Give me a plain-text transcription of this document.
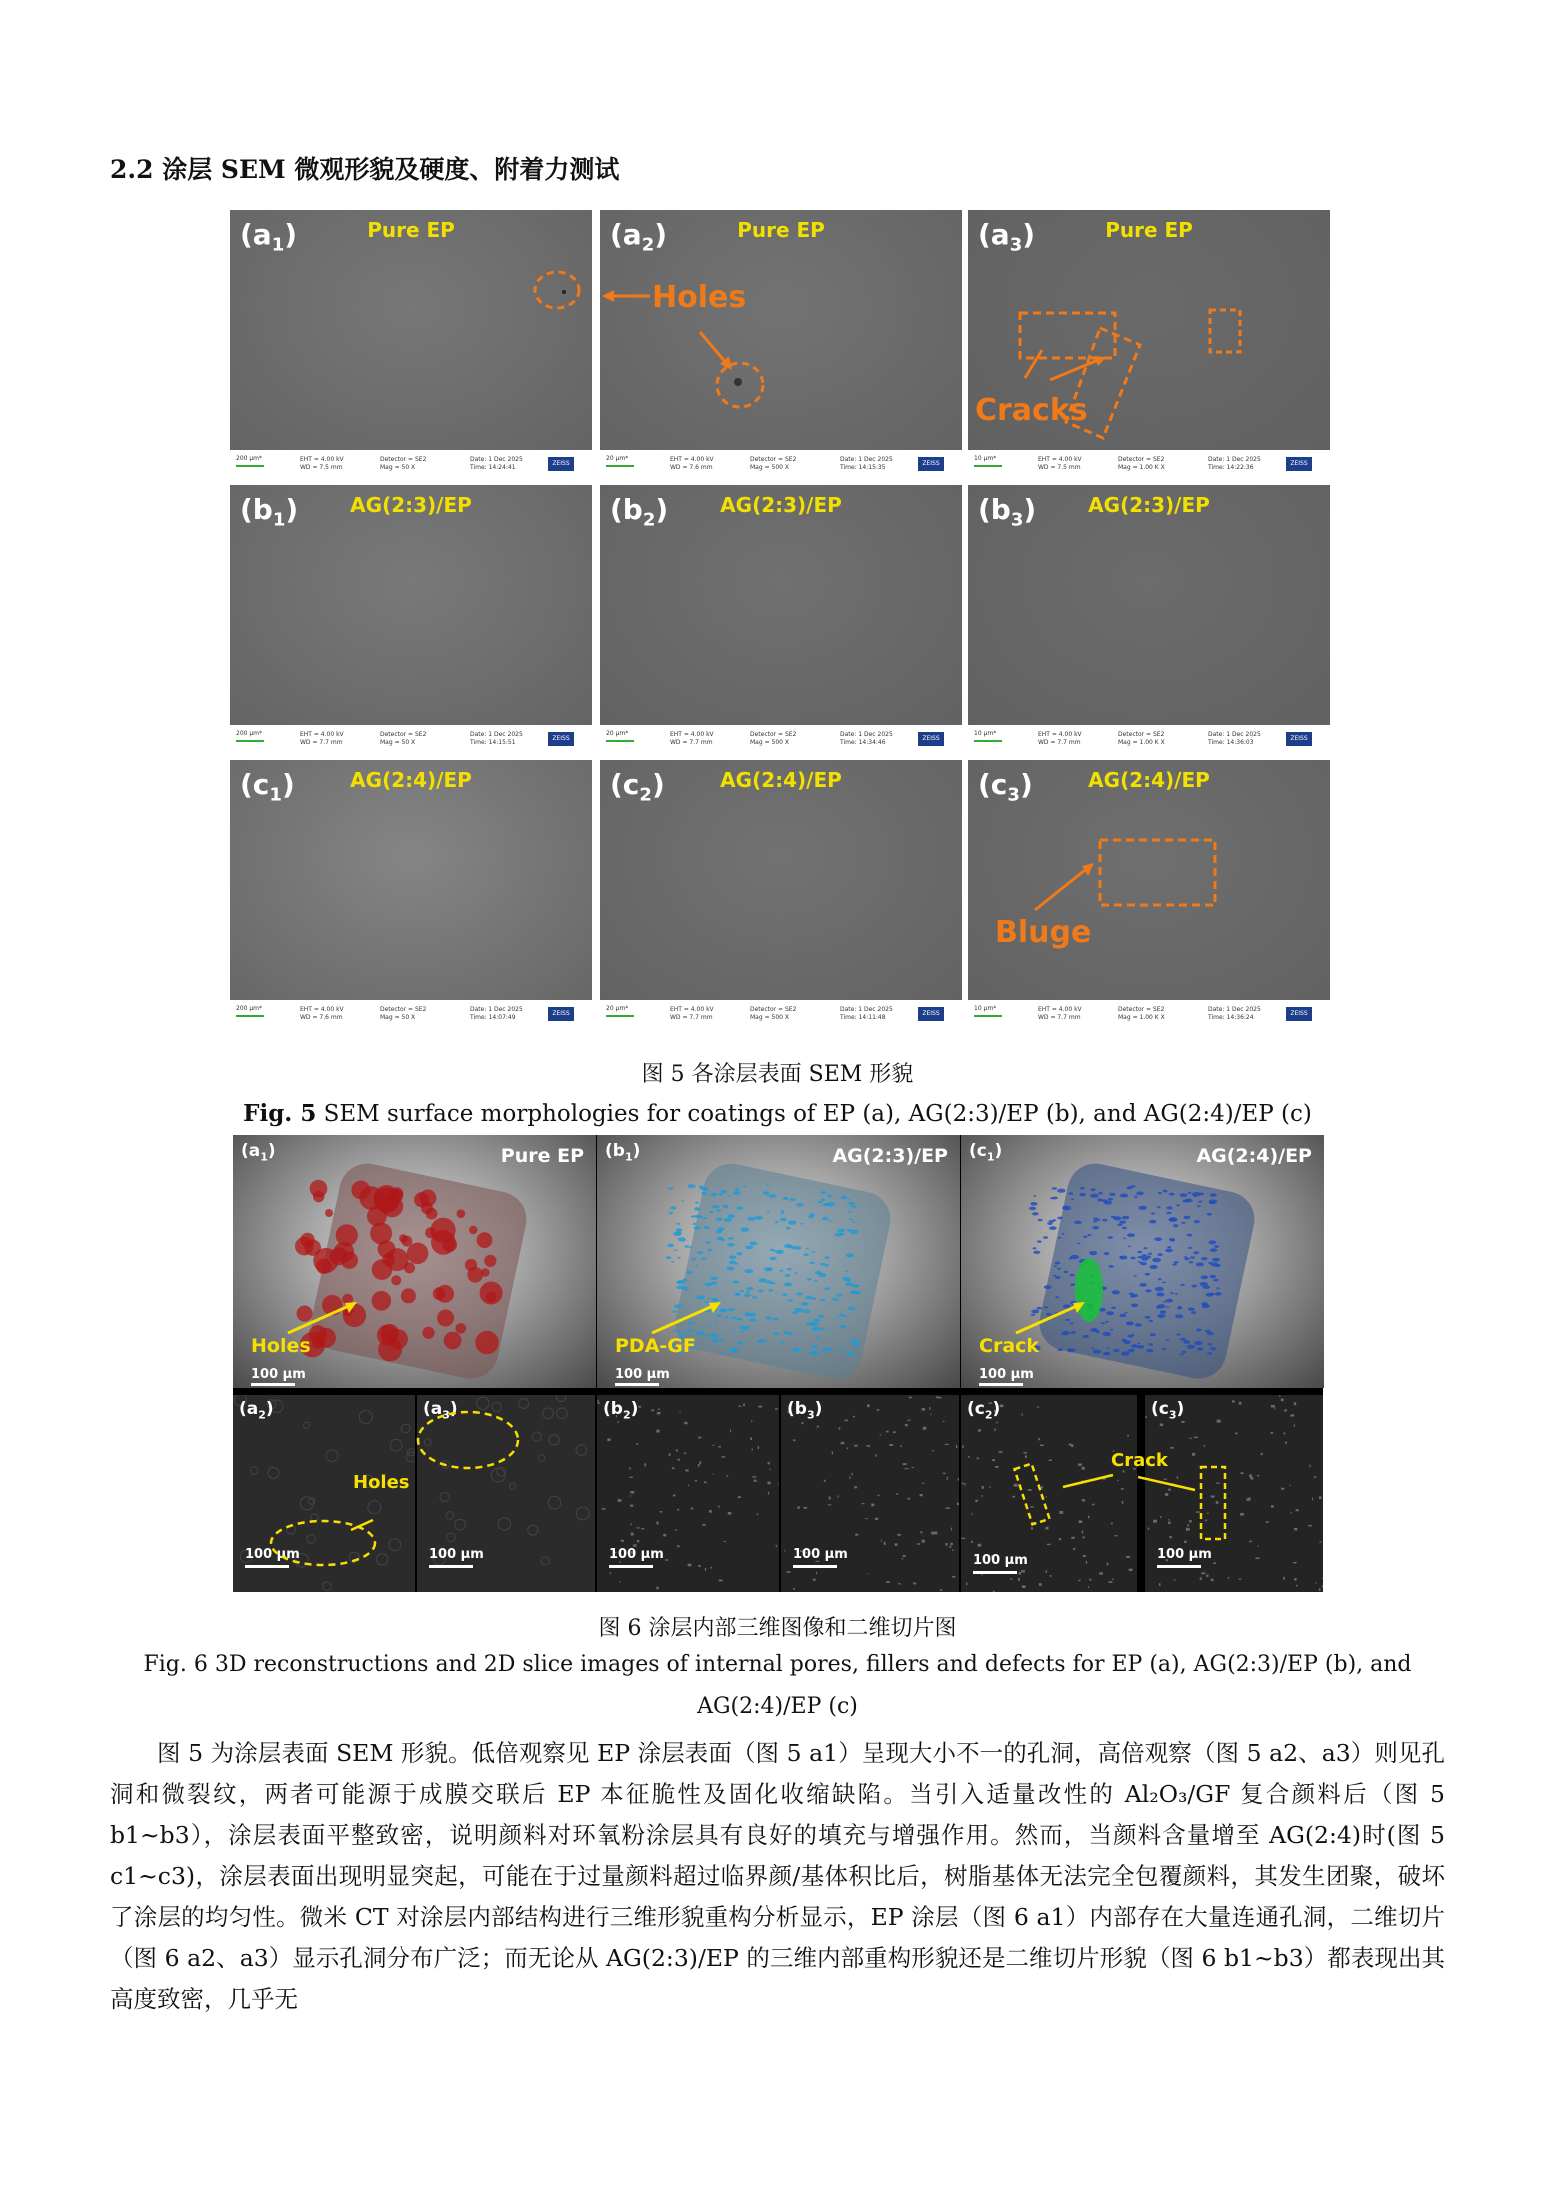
2.2 涂层 SEM 微观形貌及硬度、附着力测试
$(a_1)$	Pure EP
200 μm*	EHT = 4.00 kV
WD = 7.5 mm
Detector = SE2
Mag = 50 X
Date: 1 Dec 2025
Time: 14:24:41
ZEISS
$(a_2)$	Pure EP
20 μm*	EHT = 4.00 kV
WD = 7.6 mm
Detector = SE2
Mag = 500 X
Date: 1 Dec 2025
Time: 14:15:35
ZEISS
$(a_3)$	Pure EP
10 μm*	EHT = 4.00 kV
WD = 7.5 mm
Detector = SE2
Mag = 1.00 K X
Date: 1 Dec 2025
Time: 14:22:36
ZEISS
$(b_1)$	AG(2:3)/EP
200 μm*	EHT = 4.00 kV
WD = 7.7 mm
Detector = SE2
Mag = 50 X
Date: 1 Dec 2025
Time: 14:15:51
ZEISS
$(b_2)$	AG(2:3)/EP
20 μm*	EHT = 4.00 kV
WD = 7.7 mm
Detector = SE2
Mag = 500 X
Date: 1 Dec 2025
Time: 14:34:46
ZEISS
$(b_3)$	AG(2:3)/EP
10 μm*	EHT = 4.00 kV
WD = 7.7 mm
Detector = SE2
Mag = 1.00 K X
Date: 1 Dec 2025
Time: 14:36:03
ZEISS
$(c_1)$	AG(2:4)/EP
200 μm*	EHT = 4.00 kV
WD = 7.6 mm
Detector = SE2
Mag = 50 X
Date: 1 Dec 2025
Time: 14:07:49
ZEISS
$(c_2)$	AG(2:4)/EP
20 μm*	EHT = 4.00 kV
WD = 7.7 mm
Detector = SE2
Mag = 500 X
Date: 1 Dec 2025
Time: 14:11:48
ZEISS
$(c_3)$	AG(2:4)/EP
10 μm*	EHT = 4.00 kV
WD = 7.7 mm
Detector = SE2
Mag = 1.00 K X
Date: 1 Dec 2025
Time: 14:36:24
ZEISS
Holes
Cracks
Bluge
图 5 各涂层表面 SEM 形貌
Fig. 5 SEM surface morphologies for coatings of EP (a), AG(2:3)/EP (b), and AG(2:4)/EP (c)
$(a_1)$	Pure EP
Holes
100 μm
$(b_1)$	AG(2:3)/EP
PDA-GF
100 μm
$(c_1)$	AG(2:4)/EP
Crack
100 μm
$(a_2)$
100 μm
$(a_3)$
100 μm
$(b_2)$
100 μm
$(b_3)$
100 μm
$(c_2)$
100 μm
$(c_3)$
100 μm
Holes
Crack
图 6 涂层内部三维图像和二维切片图
Fig. 6 3D reconstructions and 2D slice images of internal pores, fillers and defects for EP (a), AG(2:3)/EP (b), and
AG(2:4)/EP (c)

图 5 为涂层表面 SEM 形貌。低倍观察见 EP 涂层表面（图 5 a1）呈现大小不一的孔洞，高倍观察（图 5 a2、a3）则见孔洞和微裂纹，两者可能源于成膜交联后 EP 本征脆性及固化收缩缺陷。当引入适量改性的 Al₂O₃/GF 复合颜料后（图 5 b1~b3），涂层表面平整致密，说明颜料对环氧粉涂层具有良好的填充与增强作用。然而，当颜料含量增至 AG(2:4)时(图 5 c1~c3)，涂层表面出现明显突起，可能在于过量颜料超过临界颜/基体积比后，树脂基体无法完全包覆颜料，其发生团聚，破坏了涂层的均匀性。微米 CT 对涂层内部结构进行三维形貌重构分析显示，EP 涂层（图 6 a1）内部存在大量连通孔洞，二维切片（图 6 a2、a3）显示孔洞分布广泛；而无论从 AG(2:3)/EP 的三维内部重构形貌还是二维切片形貌（图 6 b1~b3）都表现出其高度致密，几乎无
